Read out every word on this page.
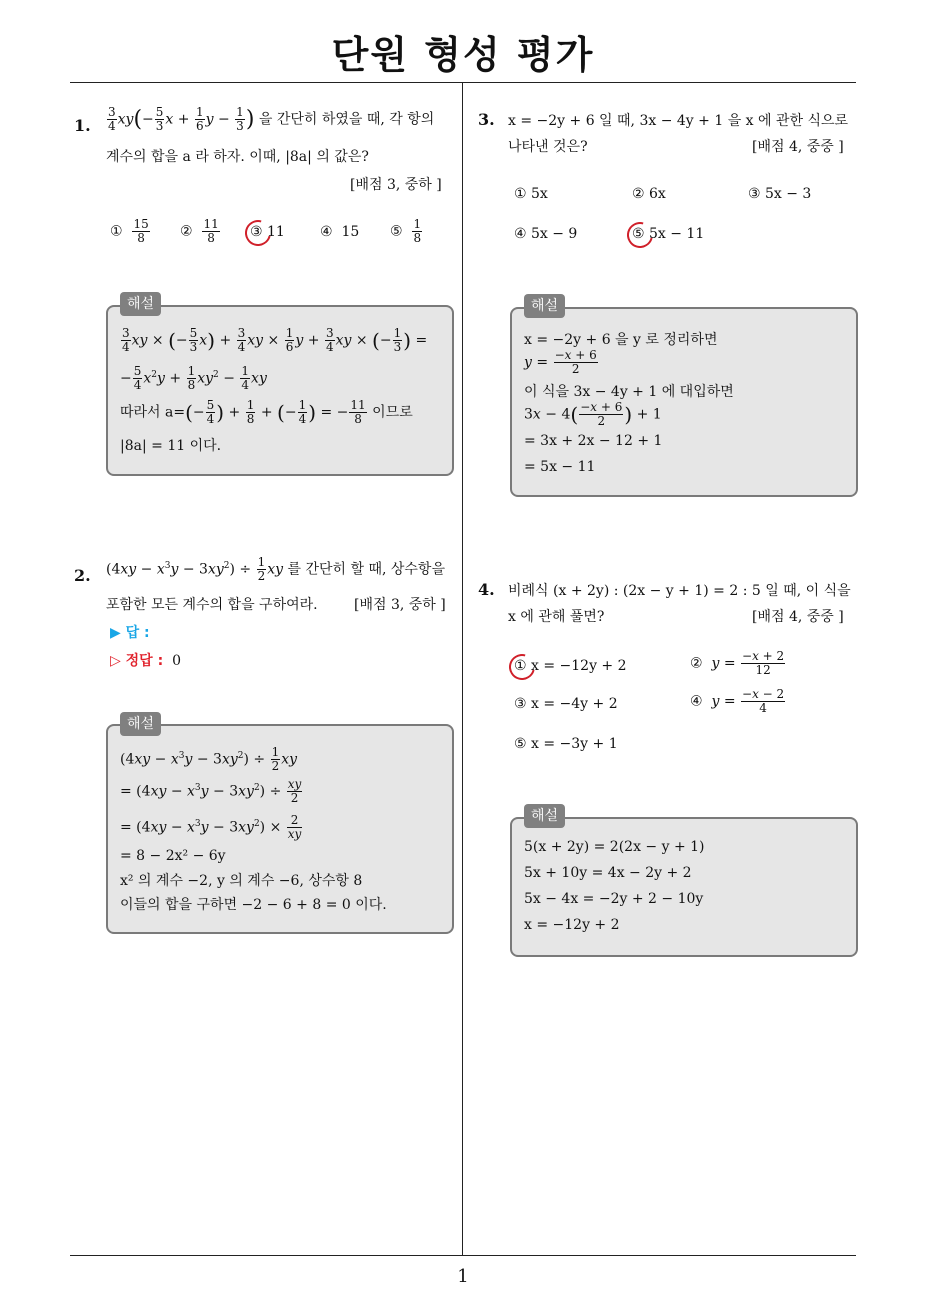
단원 형성 평가
1
1. $\frac{3}{4} xy(- \frac{5}{3}$ $x + \frac{1}{6}$ $y - \frac{1}{3}$ ) 을 간단히 하였을 때, 각 항의
계수의 합을 a 라 하자. 이때, |8a| 의 값은?
[배점 3, 중하 ]
① $\frac{15}{8}$ ② $\frac{11}{8}$ ③ 11	④ 15 ⑤ $\frac{1}{8}$
$\frac{3}{4}$ xy × (− $\frac{5}{3} x) + \frac{3}{4}$ xy × $\frac{1}{6}$ $y + \frac{3}{4}$ xy × (− $\frac{1}{3}$ ) =
− $\frac{5}{4} x^2y + \frac{1}{8} xy^2 - \frac{1}{4}$ xy
따라서 $a=(- \frac{5}{4}$ ) + $\frac{1}{8}$ + (− $\frac{1}{4}$ ) = − $\frac{11}{8}$ 이므로
|8a| = 11 이다.
해설
2. $(4xy - x^3y - 3xy^2) \div \frac{1}{2}$ xy 를 간단히 할 때, 상수항을
포함한 모든 계수의 합을 구하여라.	[배점 3, 중하 ]
▶ 답 :
▷ 정답 : 0
$(4xy - x^3y - 3xy^2) \div \frac{1}{2}$ xy
= $(4xy - x^3y - 3xy^2) \div \frac{xy}{2}$
= $(4xy - x^3y - 3xy^2) \times \frac{2}{xy}$
= 8 − 2x² − 6y
x² 의 계수 −2, y 의 계수 −6, 상수항 8
이들의 합을 구하면 −2 − 6 + 8 = 0 이다.
해설
3. x = −2y + 6 일 때, 3x − 4y + 1 을 x 에 관한 식으로
나타낸 것은?	[배점 4, 중중 ]
① 5x	② 6x	③ 5x − 3
④ 5x − 9	⑤ 5x − 11
x = −2y + 6 을 y 로 정리하면
$y = \frac{-x + 6}{2}$
이 식을 3x − 4y + 1 에 대입하면
$3x - 4( \frac{-x + 6}{2}$ ) + 1
= 3x + 2x − 12 + 1
= 5x − 11
해설
4. 비례식 (x + 2y) : (2x − y + 1) = 2 : 5 일 때, 이 식을
x 에 관해 풀면?	[배점 4, 중중 ]
① x = −12y + 2	②  $y = \frac{-x + 2}{12}$
③ x = −4y + 2	④  $y = \frac{-x - 2}{4}$
⑤ x = −3y + 1
5(x + 2y) = 2(2x − y + 1)
5x + 10y = 4x − 2y + 2
5x − 4x = −2y + 2 − 10y
x = −12y + 2
해설
